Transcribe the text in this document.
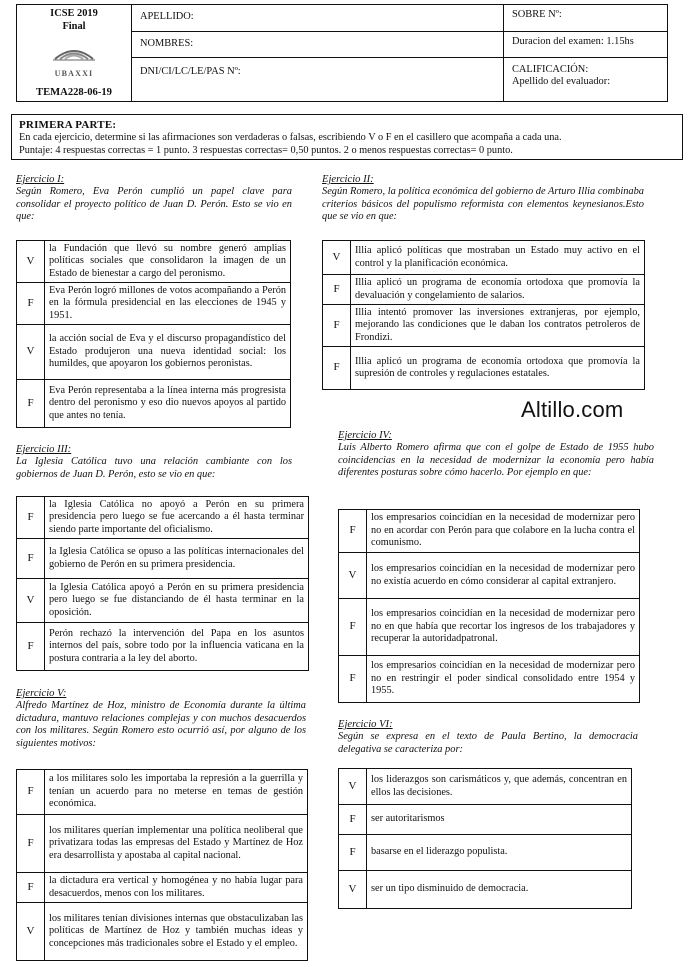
ICSE 2019
Final
UBAXXI
TEMA228-06-19
APELLIDO:
NOMBRES:
DNI/CI/LC/LE/PAS Nº:
SOBRE Nº:
Duracion del examen: 1.15hs
CALIFICACIÓN:
Apellido del evaluador:
PRIMERA PARTE:
En cada ejercicio, determine si las afirmaciones son verdaderas o falsas, escribiendo V o F en el casillero que acompaña a cada una.
Puntaje: 4 respuestas correctas = 1 punto. 3 respuestas correctas= 0,50 puntos. 2 o menos respuestas correctas= 0 punto.
Altillo.com
Ejercicio I:
Según Romero, Eva Perón cumplió un papel clave para consolidar el proyecto político de Juan D. Perón. Esto se vio en que:
V	la Fundación que llevó su nombre generó amplias políticas sociales que consolidaron la imagen de un Estado de bienestar a cargo del peronismo.
F	Eva Perón logró millones de votos acompañando a Perón en la fórmula presidencial en las elecciones de 1945 y 1951.
V	la acción social de Eva y el discurso propagandístico del Estado produjeron una nueva identidad social: los humildes, que apoyaron los gobiernos peronistas.
F	Eva Perón representaba a la línea interna más progresista dentro del peronismo y eso dio nuevos apoyos al partido que antes no tenía.
Ejercicio II:
Según Romero, la política económica del gobierno de Arturo Illia combinaba criterios básicos del populismo reformista con elementos keynesianos.Esto que se vio en que:
V	Illia aplicó políticas que mostraban un Estado muy activo en el control y la planificación económica.
F	Illia aplicó un programa de economía ortodoxa que promovía la devaluación y congelamiento de salarios.
F	Illia intentó promover las inversiones extranjeras, por ejemplo, mejorando las condiciones que le daban los contratos petroleros de Frondizi.
F	Illia aplicó un programa de economía ortodoxa que promovía la supresión de controles y regulaciones estatales.
Ejercicio III:
La Iglesia Católica tuvo una relación cambiante con los gobiernos de Juan D. Perón, esto se vio en que:
F	la Iglesia Católica no apoyó a Perón en su primera presidencia pero luego se fue acercando a él hasta terminar siendo parte importante del oficialismo.
F	la Iglesia Católica se opuso a las políticas internacionales del gobierno de Perón en su primera presidencia.
V	la Iglesia Católica apoyó a Perón en su primera presidencia pero luego se fue distanciando de él hasta terminar en la oposición.
F	Perón rechazó la intervención del Papa en los asuntos internos del país, sobre todo por la influencia vaticana en la postura contraria a la ley del aborto.
Ejercicio IV:
Luis Alberto Romero afirma que con el golpe de Estado de 1955 hubo coincidencias en la necesidad de modernizar la economía pero había diferentes posturas sobre cómo hacerlo. Por ejemplo en que:
F	los empresarios coincidían en la necesidad de modernizar pero no en acordar con Perón para que colabore en la lucha contra el comunismo.
V	los empresarios coincidían en la necesidad de modernizar pero no existía acuerdo en cómo considerar al capital extranjero.
F	los empresarios coincidían en la necesidad de modernizar pero no en que había que recortar los ingresos de los trabajadores y recuperar la autoridadpatronal.
F	los empresarios coincidían en la necesidad de modernizar pero no en restringir el poder sindical consolidado entre 1954 y 1955.
Ejercicio V:
Alfredo Martínez de Hoz, ministro de Economía durante la última dictadura, mantuvo relaciones complejas y con muchos desacuerdos con los militares. Según Romero esto ocurrió así, por alguno de los siguientes motivos:
F	a los militares solo les importaba la represión a la guerrilla y tenían un acuerdo para no meterse en temas de gestión económica.
F	los militares querían implementar una política neoliberal que privatizara todas las empresas del Estado y Martínez de Hoz era desarrollista y apostaba al capital nacional.
F	la dictadura era vertical y homogénea y no había lugar para desacuerdos, menos con los militares.
V	los militares tenían divisiones internas que obstaculizaban las políticas de Martínez de Hoz y también muchas ideas y concepciones más tradicionales sobre el Estado y el empleo.
Ejercicio VI:
Según se expresa en el texto de Paula Bertino, la democracia delegativa se caracteriza por:
V	los liderazgos son carismáticos y, que además, concentran en ellos las decisiones.
F	ser autoritarismos
F	basarse en el liderazgo populista.
V	ser un tipo disminuido de democracia.
